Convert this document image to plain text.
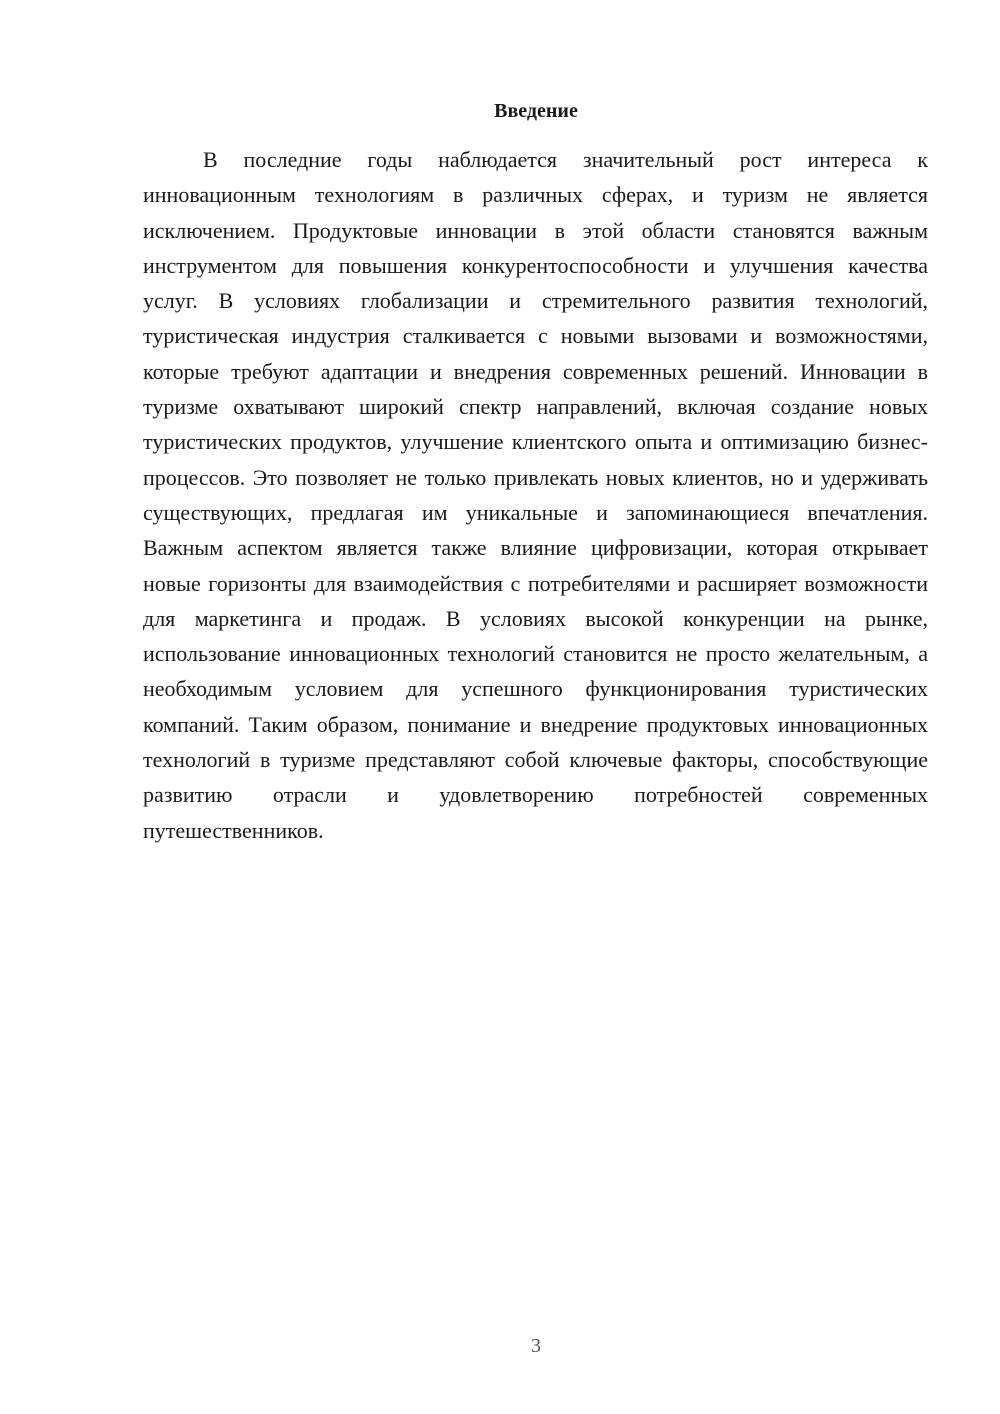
Введение

В последние годы наблюдается значительный рост интереса к инновационным технологиям в различных сферах, и туризм не является исключением. Продуктовые инновации в этой области становятся важным инструментом для повышения конкурентоспособности и улучшения качества услуг. В условиях глобализации и стремительного развития технологий, туристическая индустрия сталкивается с новыми вызовами и возможностями, которые требуют адаптации и внедрения современных решений. Инновации в туризме охватывают широкий спектр направлений, включая создание новых туристических продуктов, улучшение клиентского опыта и оптимизацию бизнес-процессов. Это позволяет не только привлекать новых клиентов, но и удерживать существующих, предлагая им уникальные и запоминающиеся впечатления. Важным аспектом является также влияние цифровизации, которая открывает новые горизонты для взаимодействия с потребителями и расширяет возможности для маркетинга и продаж. В условиях высокой конкуренции на рынке, использование инновационных технологий становится не просто желательным, а необходимым условием для успешного функционирования туристических компаний. Таким образом, понимание и внедрение продуктовых инновационных технологий в туризме представляют собой ключевые факторы, способствующие развитию отрасли и удовлетворению потребностей современных путешественников.

3
